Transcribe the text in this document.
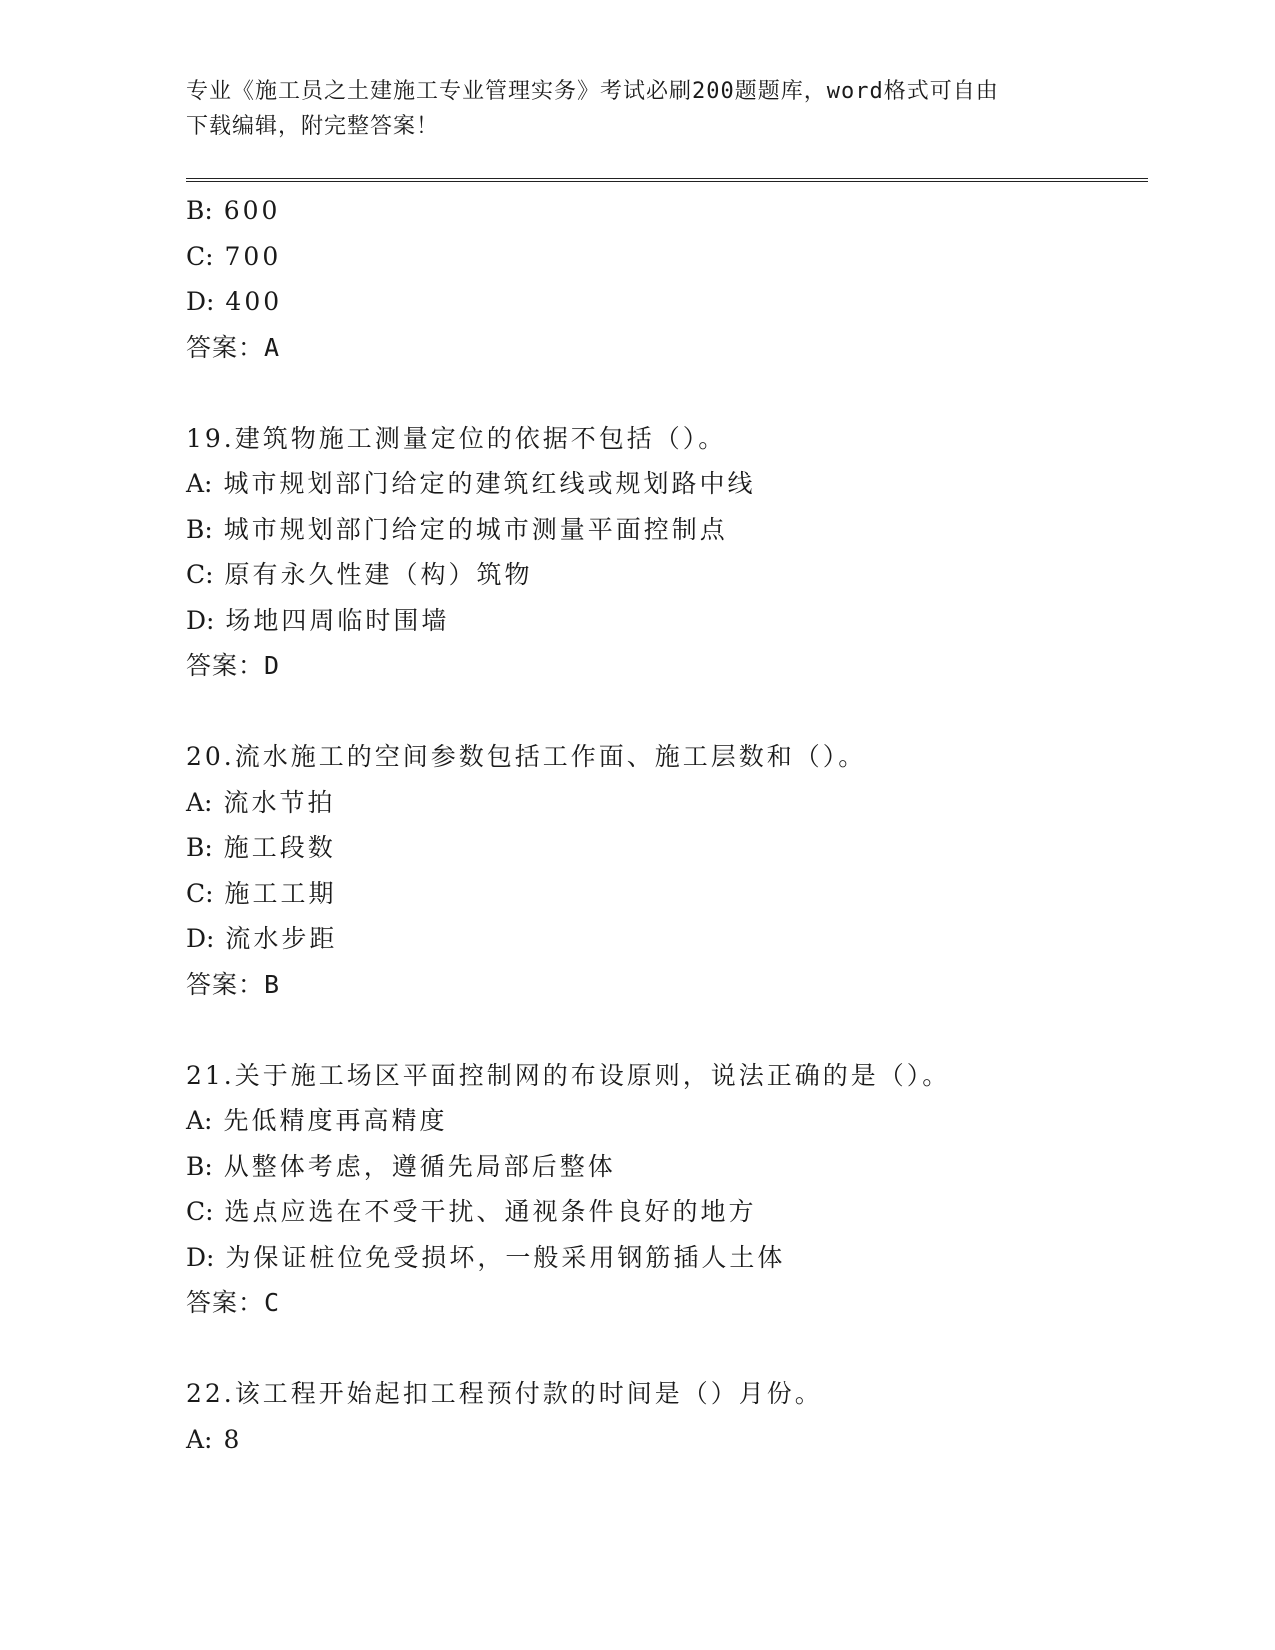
专业《施工员之土建施工专业管理实务》考试必刷200题题库，word格式可自由
下载编辑，附完整答案！
B: 600
C: 700
D: 400
答案：A
19.建筑物施工测量定位的依据不包括（）。
A: 城市规划部门给定的建筑红线或规划路中线
B: 城市规划部门给定的城市测量平面控制点
C: 原有永久性建（构）筑物
D: 场地四周临时围墙
答案：D
20.流水施工的空间参数包括工作面、施工层数和（）。
A: 流水节拍
B: 施工段数
C: 施工工期
D: 流水步距
答案：B
21.关于施工场区平面控制网的布设原则，说法正确的是（）。
A: 先低精度再高精度
B: 从整体考虑，遵循先局部后整体
C: 选点应选在不受干扰、通视条件良好的地方
D: 为保证桩位免受损坏，一般采用钢筋插人土体
答案：C
22.该工程开始起扣工程预付款的时间是（）月份。
A: 8
